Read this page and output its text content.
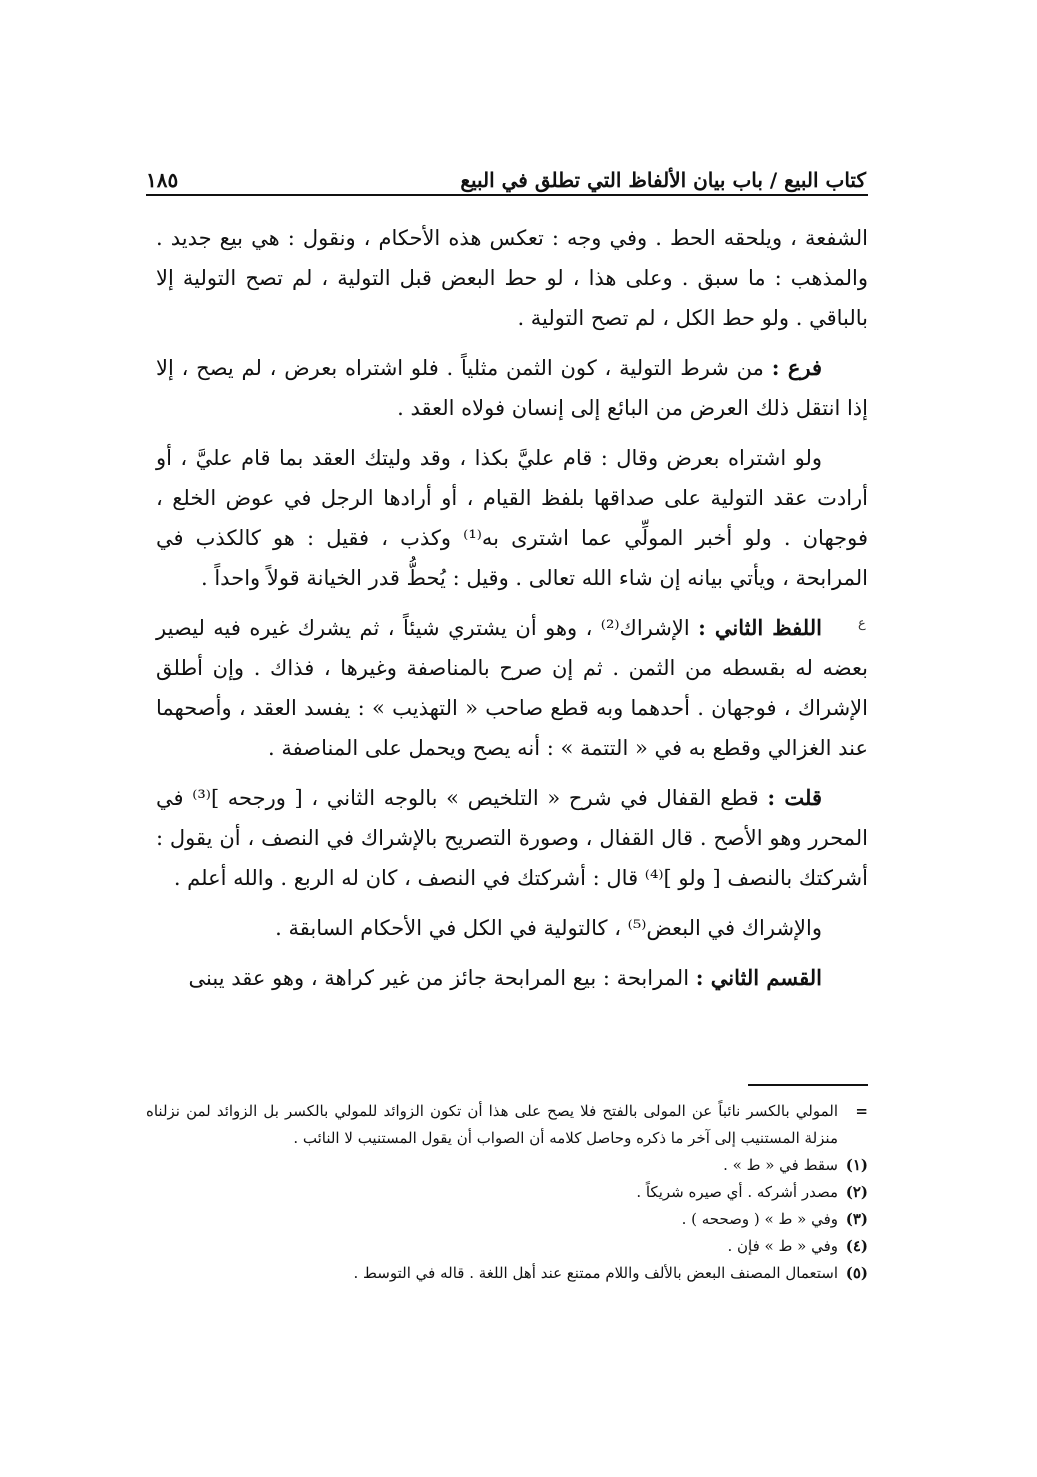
١٨٥	كتاب البيع / باب بيان الألفاظ التي تطلق في البيع
ع

الشفعة ، ويلحقه الحط . وفي وجه : تعكس هذه الأحكام ، ونقول : هي بيع جديد . والمذهب : ما سبق . وعلى هذا ، لو حط البعض قبل التولية ، لم تصح التولية إلا بالباقي . ولو حط الكل ، لم تصح التولية .

فرع : من شرط التولية ، كون الثمن مثلياً . فلو اشتراه بعرض ، لم يصح ، إلا إذا انتقل ذلك العرض من البائع إلى إنسان فولاه العقد .

ولو اشتراه بعرض وقال : قام عليَّ بكذا ، وقد وليتك العقد بما قام عليَّ ، أو أرادت عقد التولية على صداقها بلفظ القيام ، أو أرادها الرجل في عوض الخلع ، فوجهان . ولو أخبر المولِّي عما اشترى به⁽¹⁾ وكذب ، فقيل : هو كالكذب في المرابحة ، ويأتي بيانه إن شاء الله تعالى . وقيل : يُحطُّ قدر الخيانة قولاً واحداً .

اللفظ الثاني : الإشراك⁽²⁾ ، وهو أن يشتري شيئاً ، ثم يشرك غيره فيه ليصير بعضه له بقسطه من الثمن . ثم إن صرح بالمناصفة وغيرها ، فذاك . وإن أطلق الإشراك ، فوجهان . أحدهما وبه قطع صاحب « التهذيب » : يفسد العقد ، وأصحهما عند الغزالي وقطع به في « التتمة » : أنه يصح ويحمل على المناصفة .

قلت : قطع القفال في شرح « التلخيص » بالوجه الثاني ، [ ورجحه ]⁽³⁾ في المحرر وهو الأصح . قال القفال ، وصورة التصريح بالإشراك في النصف ، أن يقول : أشركتك بالنصف [ ولو ]⁽⁴⁾ قال : أشركتك في النصف ، كان له الربع . والله أعلم .

والإشراك في البعض⁽⁵⁾ ، كالتولية في الكل في الأحكام السابقة .

القسم الثاني : المرابحة : بيع المرابحة جائز من غير كراهة ، وهو عقد يبنى

=
المولي بالكسر نائباً عن المولى بالفتح فلا يصح على هذا أن تكون الزوائد للمولي بالكسر بل الزوائد لمن نزلناه منزلة المستنيب إلى آخر ما ذكره وحاصل كلامه أن الصواب أن يقول المستنيب لا النائب .
(١)
سقط في « ط » .
(٢)
مصدر أشركه . أي صيره شريكاً .
(٣)
وفي « ط » ( وصححه ) .
(٤)
وفي « ط » فإن .
(٥)
استعمال المصنف البعض بالألف واللام ممتنع عند أهل اللغة . قاله في التوسط .
